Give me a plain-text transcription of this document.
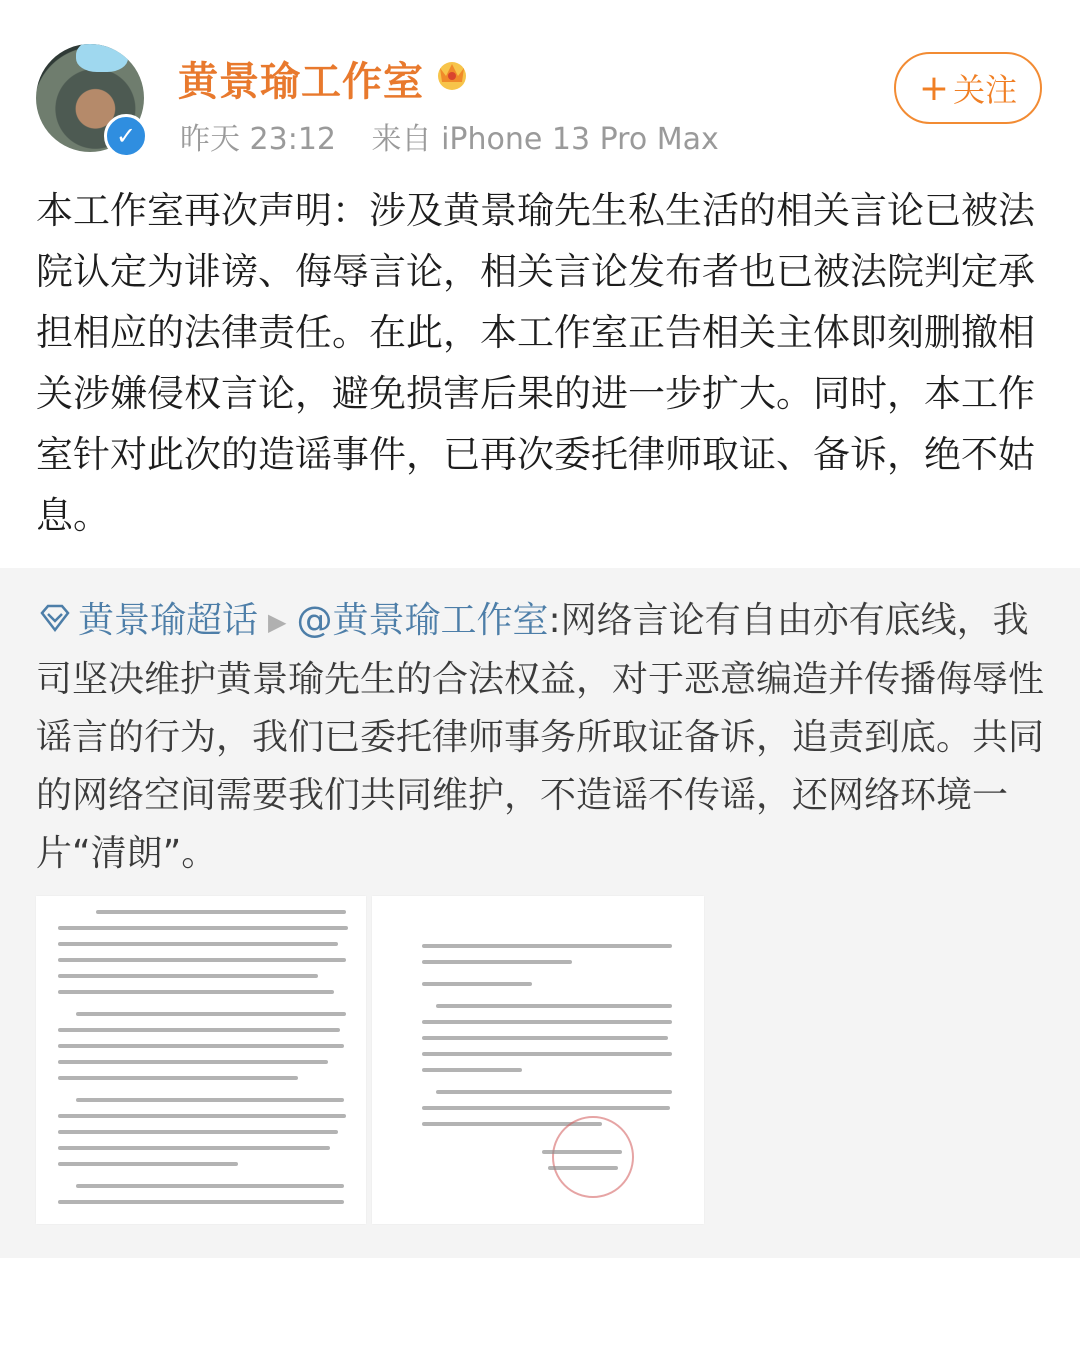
✓
黄景瑜工作室
昨天 23:12 来自 iPhone 13 Pro Max
+ 关注
本工作室再次声明：涉及黄景瑜先生私生活的相关言论已被法院认定为诽谤、侮辱言论，相关言论发布者也已被法院判定承担相应的法律责任。在此，本工作室正告相关主体即刻删撤相关涉嫌侵权言论，避免损害后果的进一步扩大。同时，本工作室针对此次的造谣事件，已再次委托律师取证、备诉，绝不姑息。
黄景瑜超话 ▶ @黄景瑜工作室:网络言论有自由亦有底线，我司坚决维护黄景瑜先生的合法权益，对于恶意编造并传播侮辱性谣言的行为，我们已委托律师事务所取证备诉，追责到底。共同的网络空间需要我们共同维护，不造谣不传谣，还网络环境一片“清朗”。
